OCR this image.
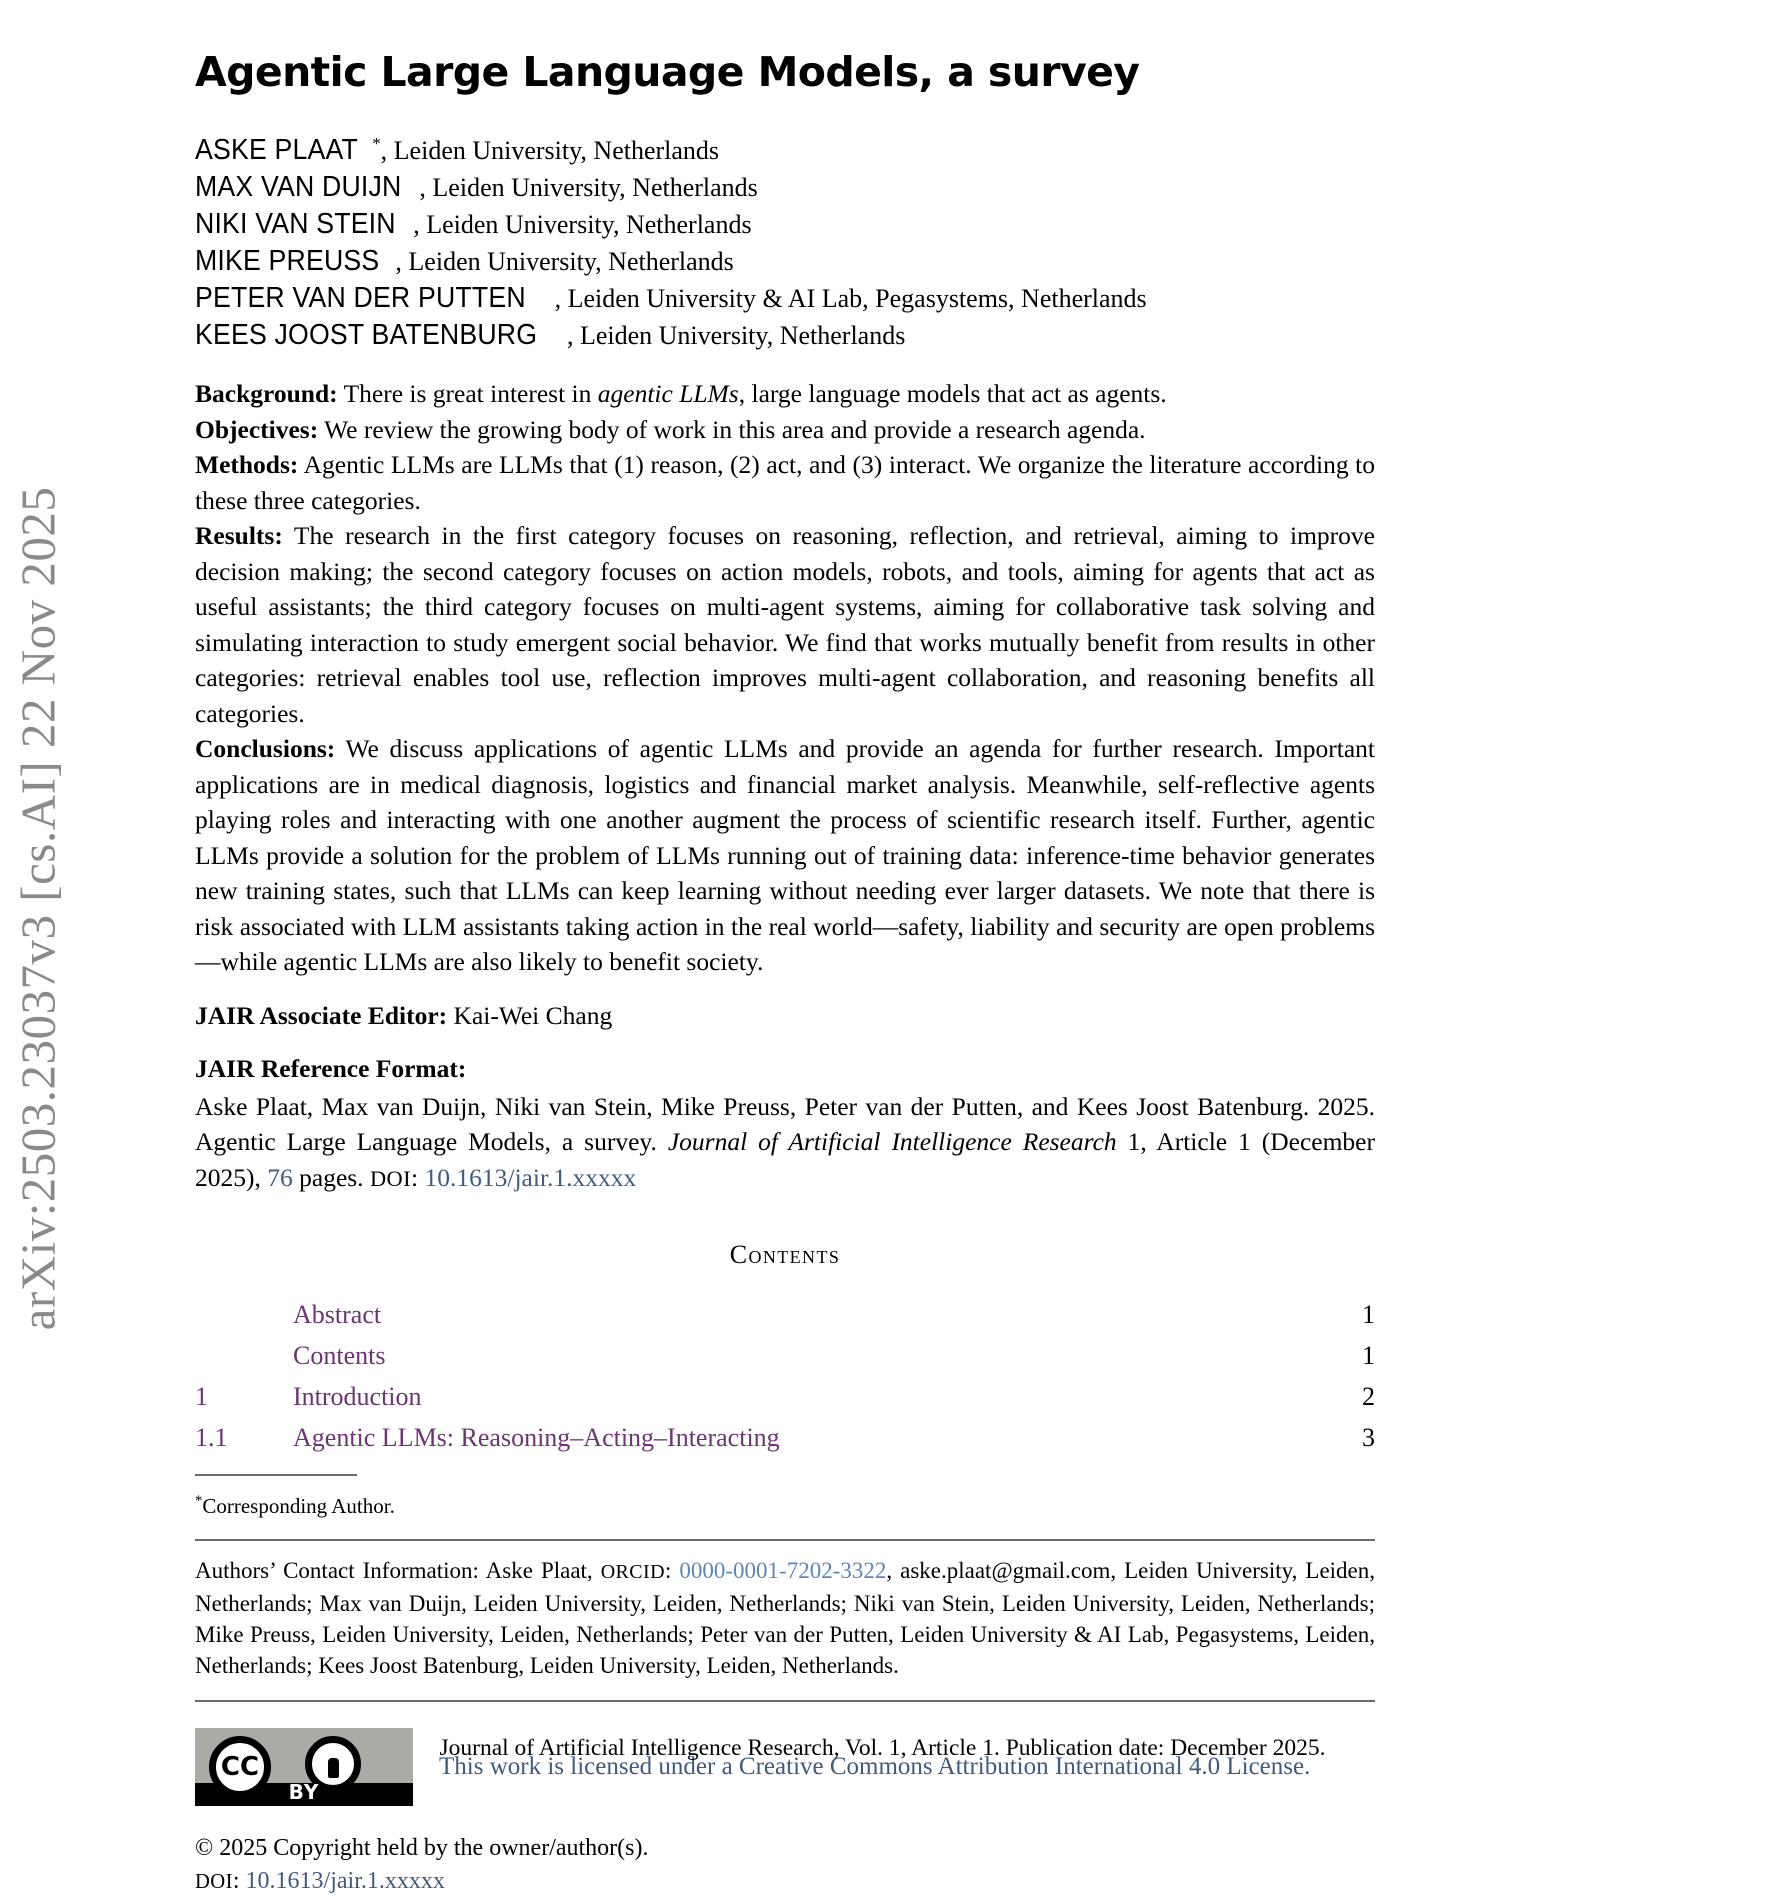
arXiv:2503.23037v3 [cs.AI] 22 Nov 2025
Agentic Large Language Models, a survey
ASKE PLAAT *, Leiden University, Netherlands
MAX VAN DUIJN , Leiden University, Netherlands
NIKI VAN STEIN , Leiden University, Netherlands
MIKE PREUSS , Leiden University, Netherlands
PETER VAN DER PUTTEN , Leiden University & AI Lab, Pegasystems, Netherlands
KEES JOOST BATENBURG , Leiden University, Netherlands

Background: There is great interest in agentic LLMs, large language models that act as agents.

Objectives: We review the growing body of work in this area and provide a research agenda.

Methods: Agentic LLMs are LLMs that (1) reason, (2) act, and (3) interact. We organize the literature according to these three categories.

Results: The research in the first category focuses on reasoning, reflection, and retrieval, aiming to improve decision making; the second category focuses on action models, robots, and tools, aiming for agents that act as useful assistants; the third category focuses on multi-agent systems, aiming for collaborative task solving and simulating interaction to study emergent social behavior. We find that works mutually benefit from results in other categories: retrieval enables tool use, reflection improves multi-agent collaboration, and reasoning benefits all categories.

Conclusions: We discuss applications of agentic LLMs and provide an agenda for further research. Important applications are in medical diagnosis, logistics and financial market analysis. Meanwhile, self-reflective agents playing roles and interacting with one another augment the process of scientific research itself. Further, agentic LLMs provide a solution for the problem of LLMs running out of training data: inference-time behavior generates new training states, such that LLMs can keep learning without needing ever larger datasets. We note that there is risk associated with LLM assistants taking action in the real world—safety, liability and security are open problems—while agentic LLMs are also likely to benefit society.

JAIR Associate Editor: Kai-Wei Chang
JAIR Reference Format:
Aske Plaat, Max van Duijn, Niki van Stein, Mike Preuss, Peter van der Putten, and Kees Joost Batenburg. 2025. Agentic Large Language Models, a survey. Journal of Artificial Intelligence Research 1, Article 1 (December 2025), 76 pages. DOI: 10.1613/jair.1.xxxxx
Contents
Abstract	1
Contents	1
1	Introduction	2
1.1	Agentic LLMs: Reasoning–Acting–Interacting	3
*Corresponding Author.
Authors’ Contact Information: Aske Plaat, ORCID: 0000-0001-7202-3322, aske.plaat@gmail.com, Leiden University, Leiden, Netherlands; Max van Duijn, Leiden University, Leiden, Netherlands; Niki van Stein, Leiden University, Leiden, Netherlands; Mike Preuss, Leiden University, Leiden, Netherlands; Peter van der Putten, Leiden University & AI Lab, Pegasystems, Leiden, Netherlands; Kees Joost Batenburg, Leiden University, Leiden, Netherlands.
CC
BY
This work is licensed under a Creative Commons Attribution International 4.0 License.
© 2025 Copyright held by the owner/author(s).
DOI: 10.1613/jair.1.xxxxx
Journal of Artificial Intelligence Research, Vol. 1, Article 1. Publication date: December 2025.
